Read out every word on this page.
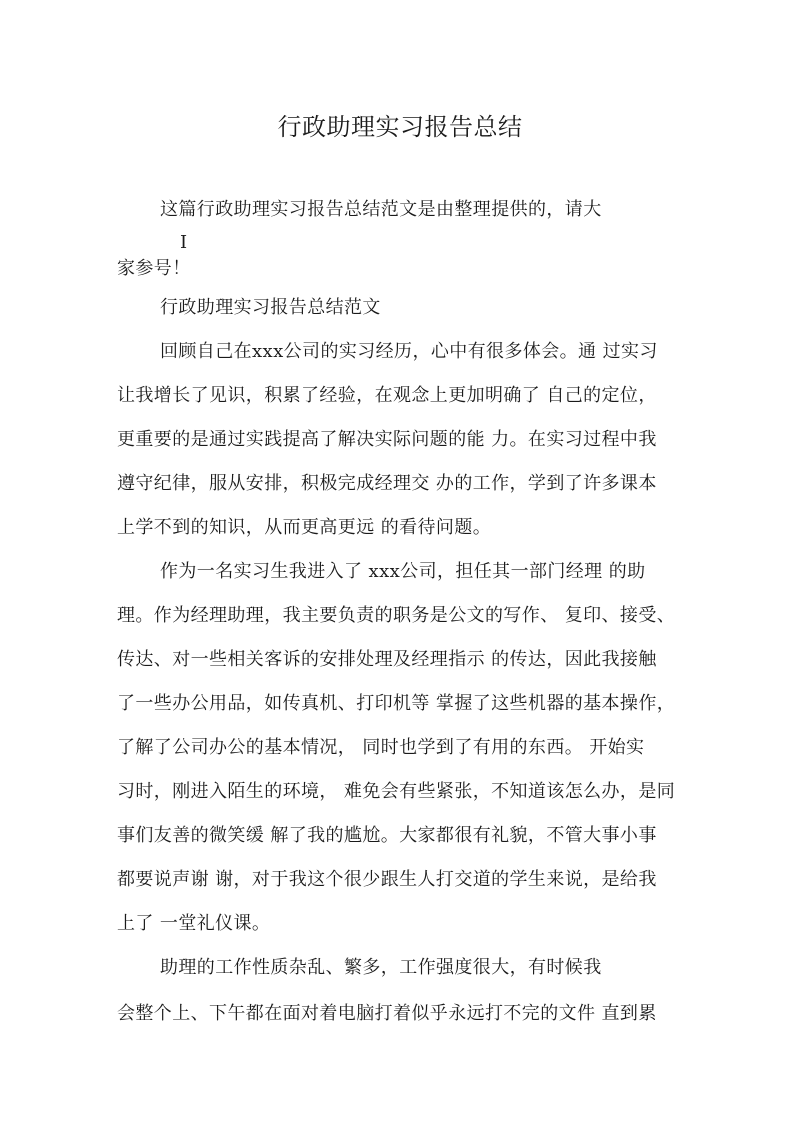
行政助理实习报告总结
这篇行政助理实习报告总结范文是由整理提供的，请大
I
家参号！
行政助理实习报告总结范文
回顾自己在xxx公司的实习经历，心中有很多体会。通 过实习
让我增长了见识，积累了经验，在观念上更加明确了 自己的定位，
更重要的是通过实践提高了解决实际问题的能 力。在实习过程中我
遵守纪律，服从安排，积极完成经理交 办的工作，学到了许多课本
上学不到的知识，从而更高更远 的看待问题。
作为一名实习生我进入了 xxx公司，担任其一部门经理 的助
理。作为经理助理，我主要负责的职务是公文的写作、 复印、接受、
传达、对一些相关客诉的安排处理及经理指示 的传达，因此我接触
了一些办公用品，如传真机、打印机等 掌握了这些机器的基本操作，
了解了公司办公的基本情况， 同时也学到了有用的东西。 开始实
习时，刚进入陌生的环境， 难免会有些紧张，不知道该怎么办，是同
事们友善的微笑缓 解了我的尴尬。大家都很有礼貌，不管大事小事
都要说声谢 谢，对于我这个很少跟生人打交道的学生来说，是给我
上了 一堂礼仪课。
助理的工作性质杂乱、繁多，工作强度很大，有时候我
会整个上、下午都在面对着电脑打着似乎永远打不完的文件 直到累
